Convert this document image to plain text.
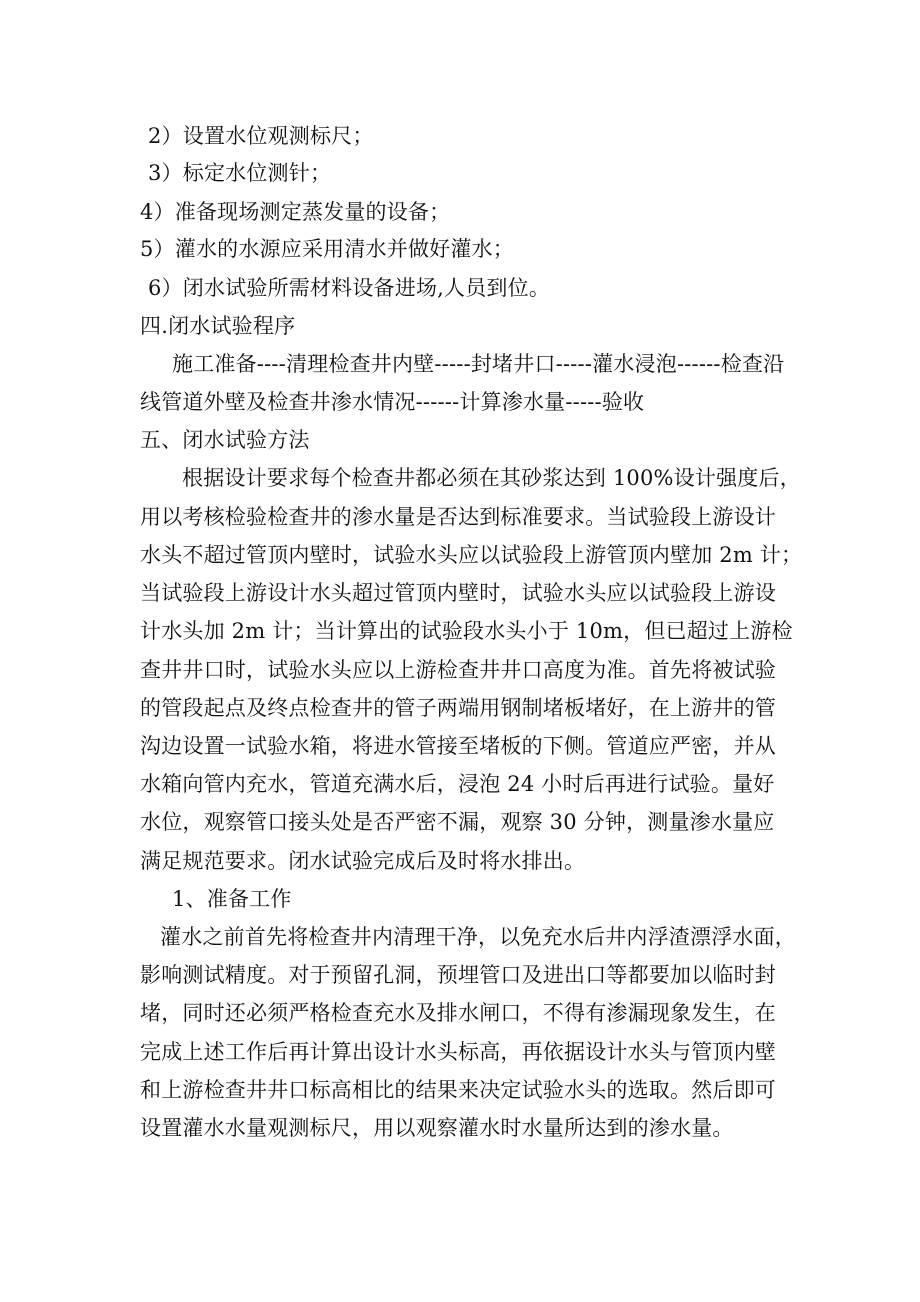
2）设置水位观测标尺；
3）标定水位测针；
4）准备现场测定蒸发量的设备；
5）灌水的水源应采用清水并做好灌水；
6）闭水试验所需材料设备进场,人员到位。
四.闭水试验程序
施工准备----清理检查井内壁-----封堵井口-----灌水浸泡------检查沿
线管道外壁及检查井渗水情况------计算渗水量-----验收
五、闭水试验方法
根据设计要求每个检查井都必须在其砂浆达到 100%设计强度后，
用以考核检验检查井的渗水量是否达到标准要求。当试验段上游设计
水头不超过管顶内壁时，试验水头应以试验段上游管顶内壁加 2m 计；
当试验段上游设计水头超过管顶内壁时，试验水头应以试验段上游设
计水头加 2m 计；当计算出的试验段水头小于 10m，但已超过上游检
查井井口时，试验水头应以上游检查井井口高度为准。首先将被试验
的管段起点及终点检查井的管子两端用钢制堵板堵好，在上游井的管
沟边设置一试验水箱，将进水管接至堵板的下侧。管道应严密，并从
水箱向管内充水，管道充满水后，浸泡 24 小时后再进行试验。量好
水位，观察管口接头处是否严密不漏，观察 30 分钟，测量渗水量应
满足规范要求。闭水试验完成后及时将水排出。
1、准备工作
灌水之前首先将检查井内清理干净，以免充水后井内浮渣漂浮水面，
影响测试精度。对于预留孔洞，预埋管口及进出口等都要加以临时封
堵，同时还必须严格检查充水及排水闸口，不得有渗漏现象发生，在
完成上述工作后再计算出设计水头标高，再依据设计水头与管顶内壁
和上游检查井井口标高相比的结果来决定试验水头的选取。然后即可
设置灌水水量观测标尺，用以观察灌水时水量所达到的渗水量。
